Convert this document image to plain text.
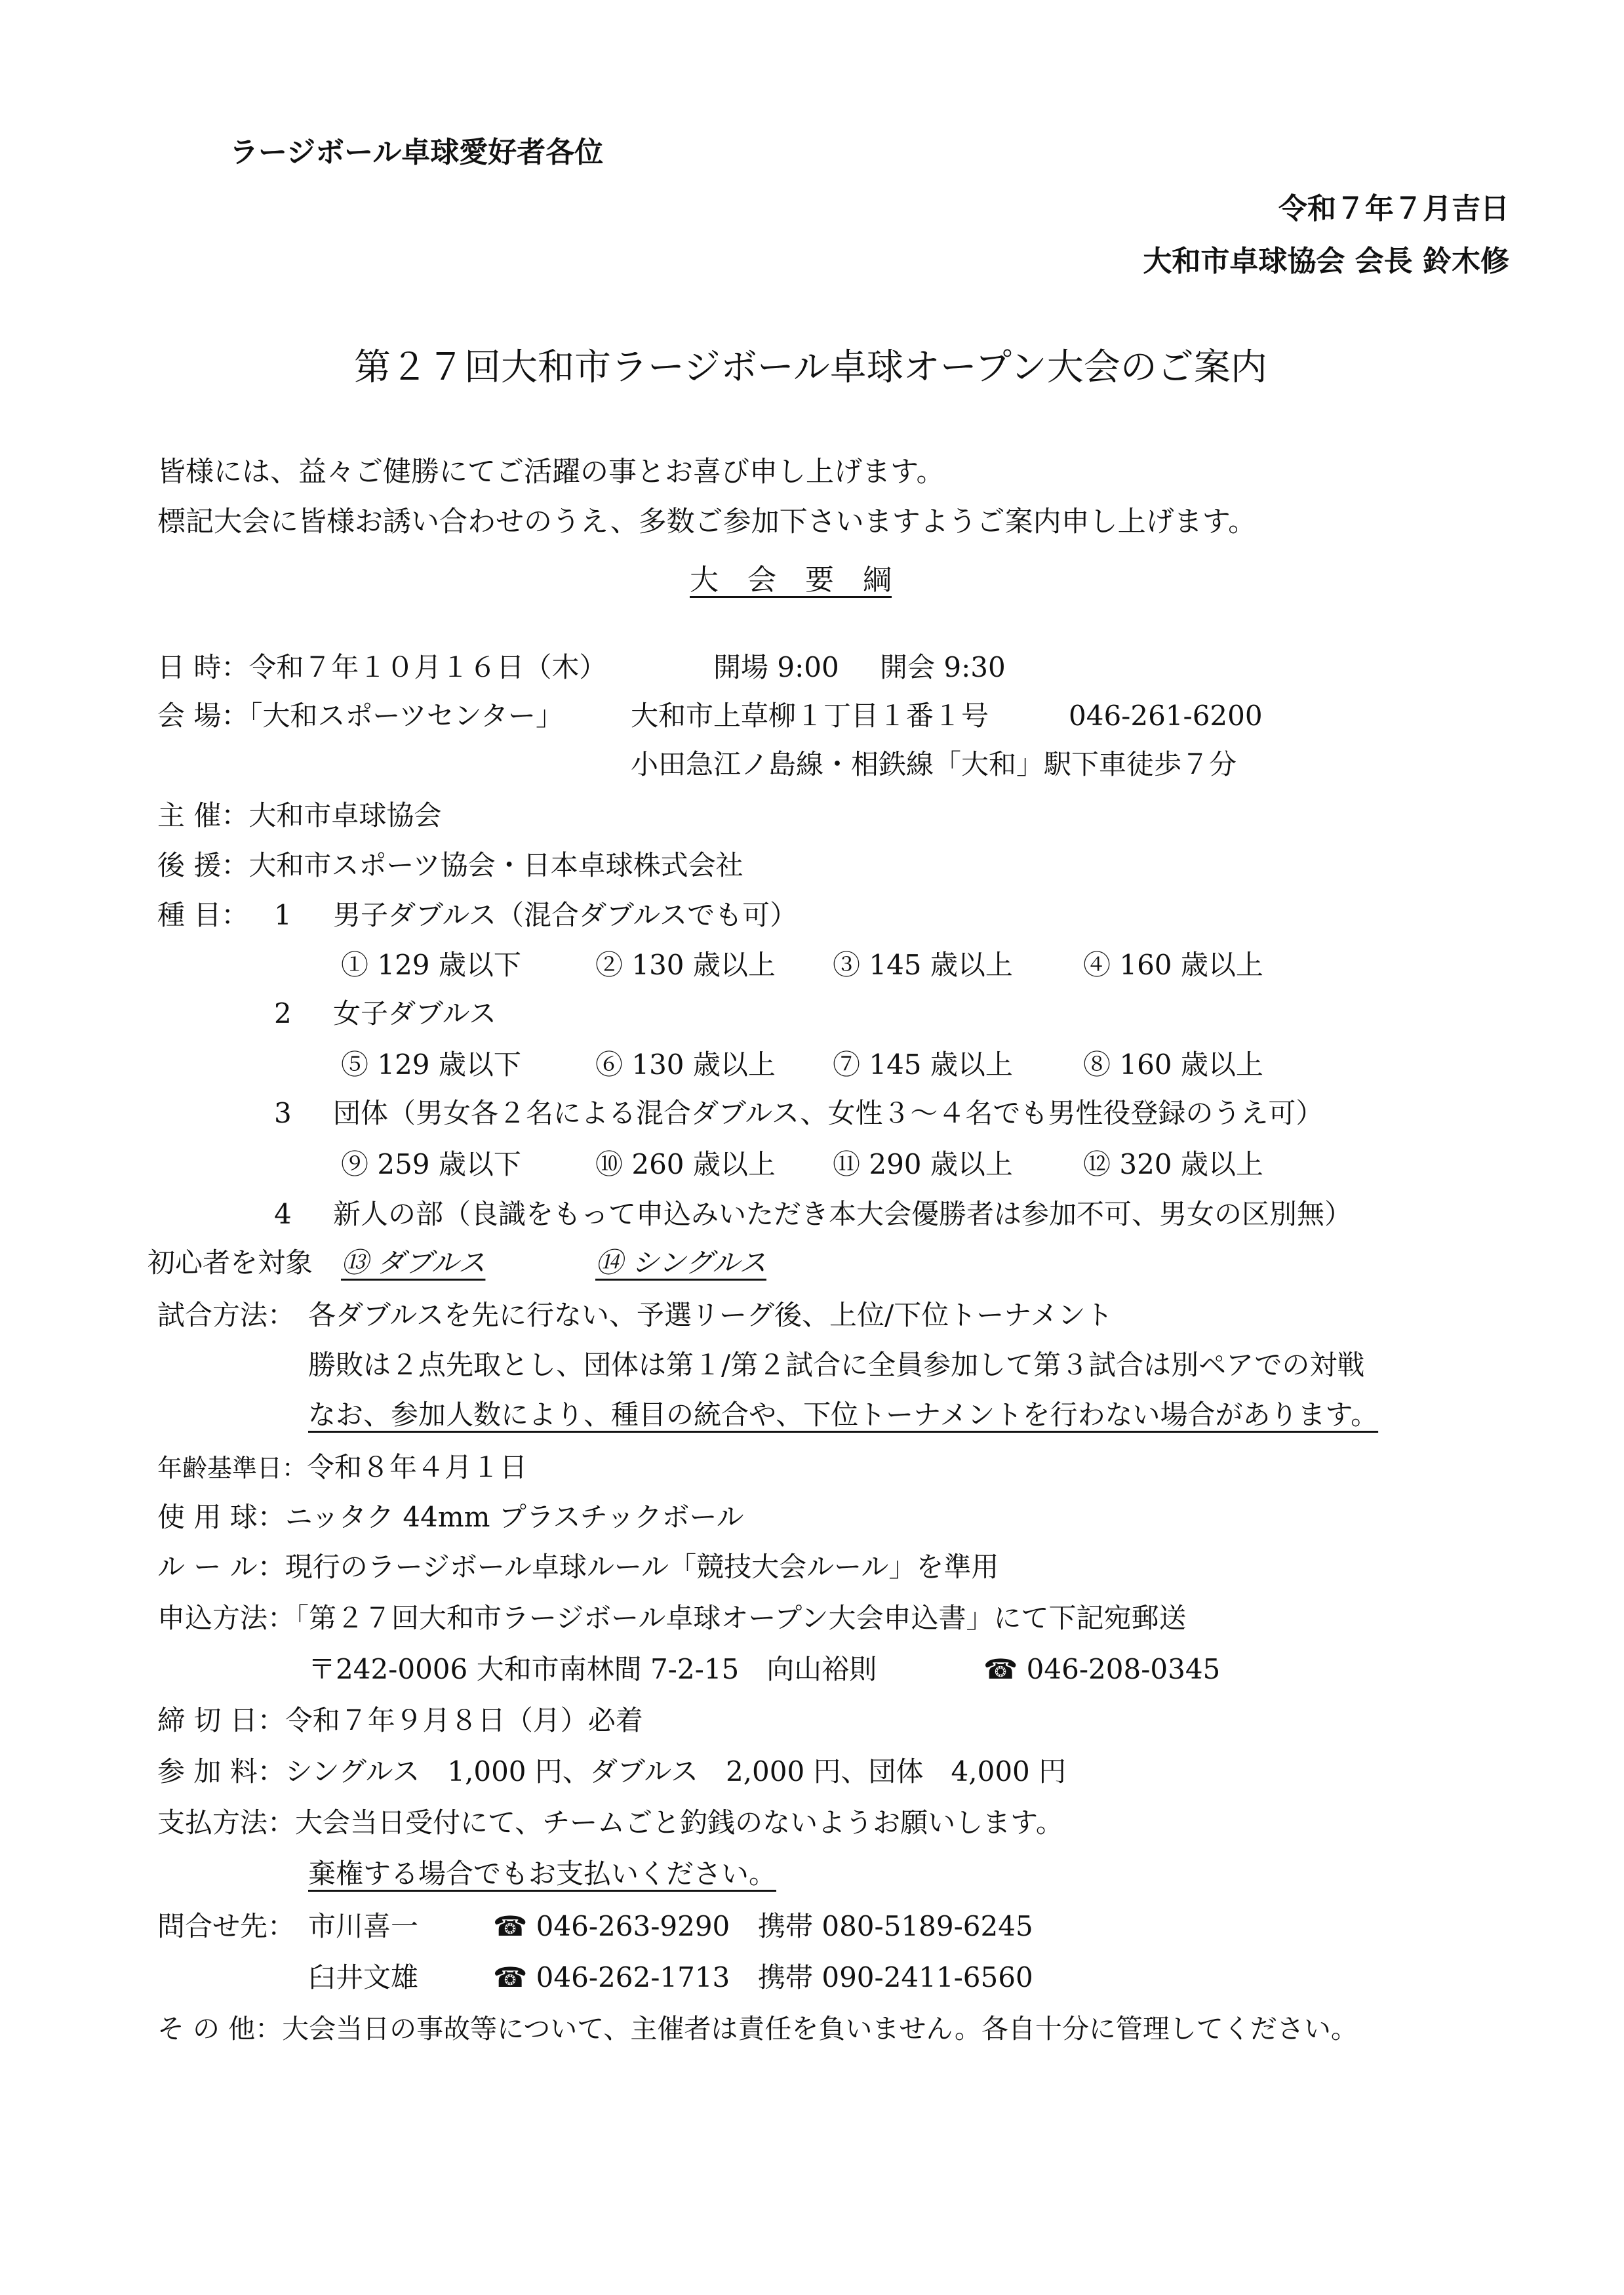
ラージボール卓球愛好者各位
令和７年７月吉日
大和市卓球協会 会長 鈴木修
第２７回大和市ラージボール卓球オープン大会のご案内
皆様には、益々ご健勝にてご活躍の事とお喜び申し上げます。
標記大会に皆様お誘い合わせのうえ、多数ご参加下さいますようご案内申し上げます。
大　会　要　綱
日 時：令和７年１０月１６日（木）	開場 9:00 開会 9:30
会 場：「大和スポーツセンター」 大和市上草柳１丁目１番１号	046-261-6200
小田急江ノ島線・相鉄線「大和」駅下車徒歩７分
主 催：大和市卓球協会
後 援：大和市スポーツ協会・日本卓球株式会社
種 目： 1 男子ダブルス（混合ダブルスでも可）
① 129 歳以下	② 130 歳以上 ③ 145 歳以上	④ 160 歳以上
2 女子ダブルス
⑤ 129 歳以下	⑥ 130 歳以上 ⑦ 145 歳以上	⑧ 160 歳以上
3 団体（男女各２名による混合ダブルス、女性３～４名でも男性役登録のうえ可）
⑨ 259 歳以下	⑩ 260 歳以上 ⑪ 290 歳以上	⑫ 320 歳以上
4 新人の部（良識をもって申込みいただき本大会優勝者は参加不可、男女の区別無）
初心者を対象 ⑬ ダブルス	⑭ シングルス
試合方法： 各ダブルスを先に行ない、予選リーグ後、上位/下位トーナメント
勝敗は２点先取とし、団体は第１/第２試合に全員参加して第３試合は別ペアでの対戦
なお、参加人数により、種目の統合や、下位トーナメントを行わない場合があります。
年齢基準日：令和８年４月１日
使 用 球：ニッタク 44mm プラスチックボール
ル ー ル：現行のラージボール卓球ルール「競技大会ルール」を準用
申込方法：「第２７回大和市ラージボール卓球オープン大会申込書」にて下記宛郵送
〒242-0006 大和市南林間 7-2-15　向山裕則	☎ 046-208-0345
締 切 日：令和７年９月８日（月）必着
参 加 料：シングルス　1,000 円、ダブルス　2,000 円、団体　4,000 円
支払方法：大会当日受付にて、チームごと釣銭のないようお願いします。
棄権する場合でもお支払いください。
問合せ先： 市川喜一	☎ 046-263-9290 携帯 080-5189-6245
臼井文雄	☎ 046-262-1713 携帯 090-2411-6560
そ の 他：大会当日の事故等について、主催者は責任を負いません。各自十分に管理してください。
